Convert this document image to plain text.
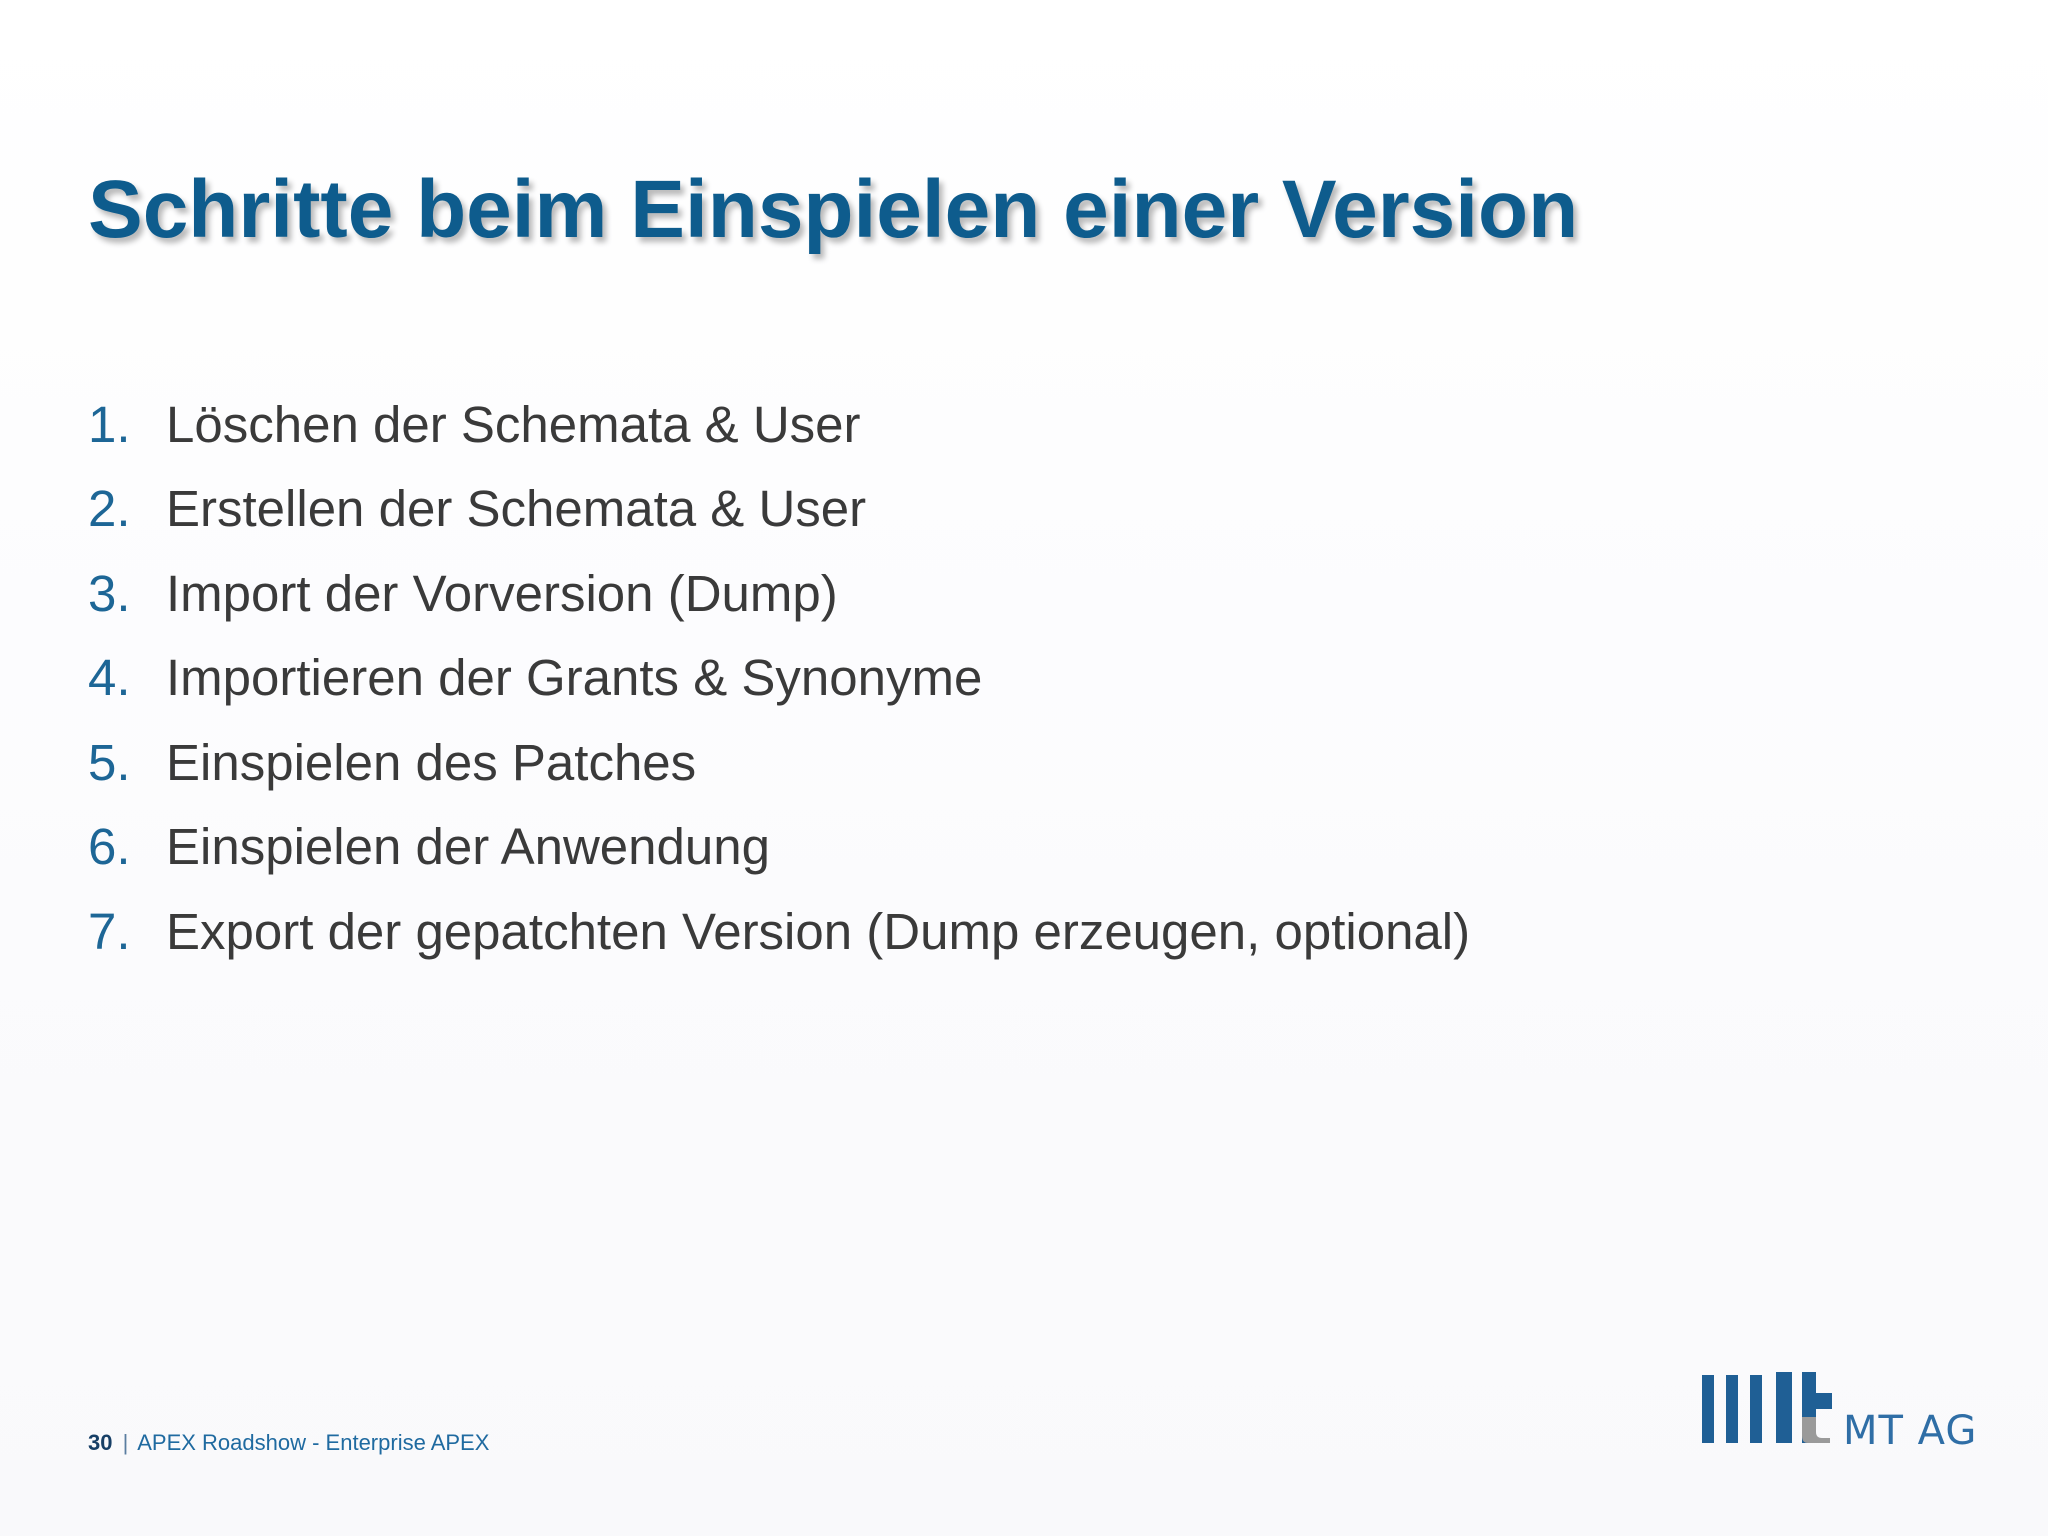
Schritte beim Einspielen einer Version
1. Löschen der Schemata & User
2. Erstellen der Schemata & User
3. Import der Vorversion (Dump)
4. Importieren der Grants & Synonyme
5. Einspielen des Patches
6. Einspielen der Anwendung
7. Export der gepatchten Version (Dump erzeugen, optional)
30 | APEX Roadshow - Enterprise APEX	MT AG
